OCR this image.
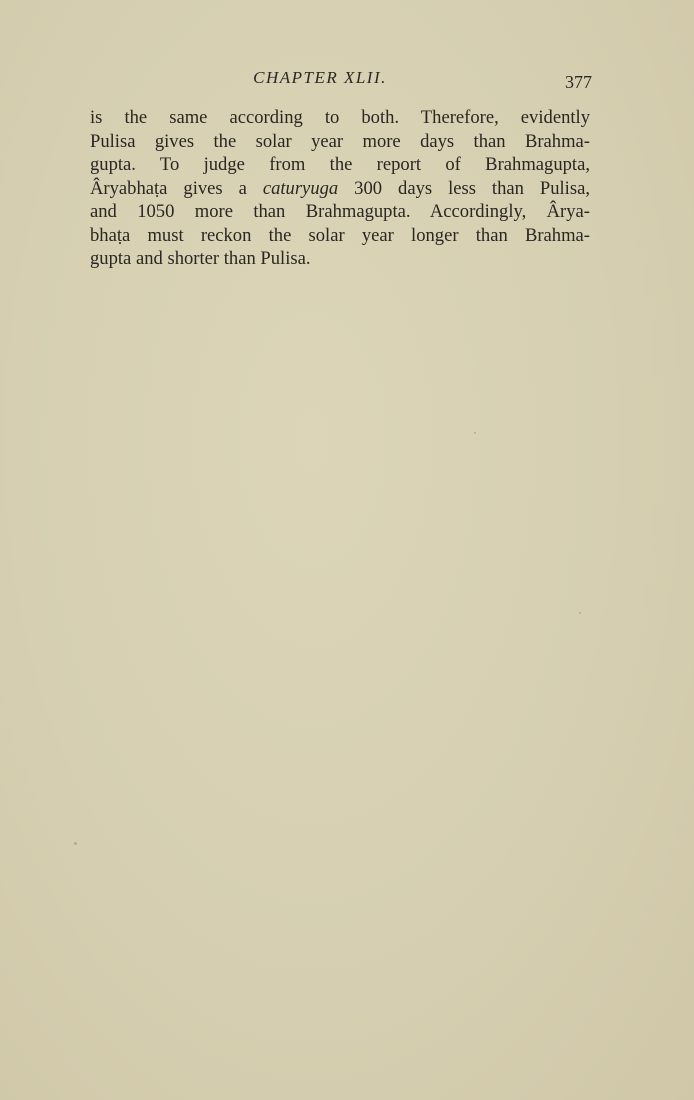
CHAPTER XLII.	377
is the same according to both. Therefore, evidently
Pulisa gives the solar year more days than Brahma-
gupta. To judge from the report of Brahmagupta,
Âryabhaṭa gives a caturyuga 300 days less than Pulisa,
and 1050 more than Brahmagupta. Accordingly, Ârya-
bhaṭa must reckon the solar year longer than Brahma-
gupta and shorter than Pulisa.
